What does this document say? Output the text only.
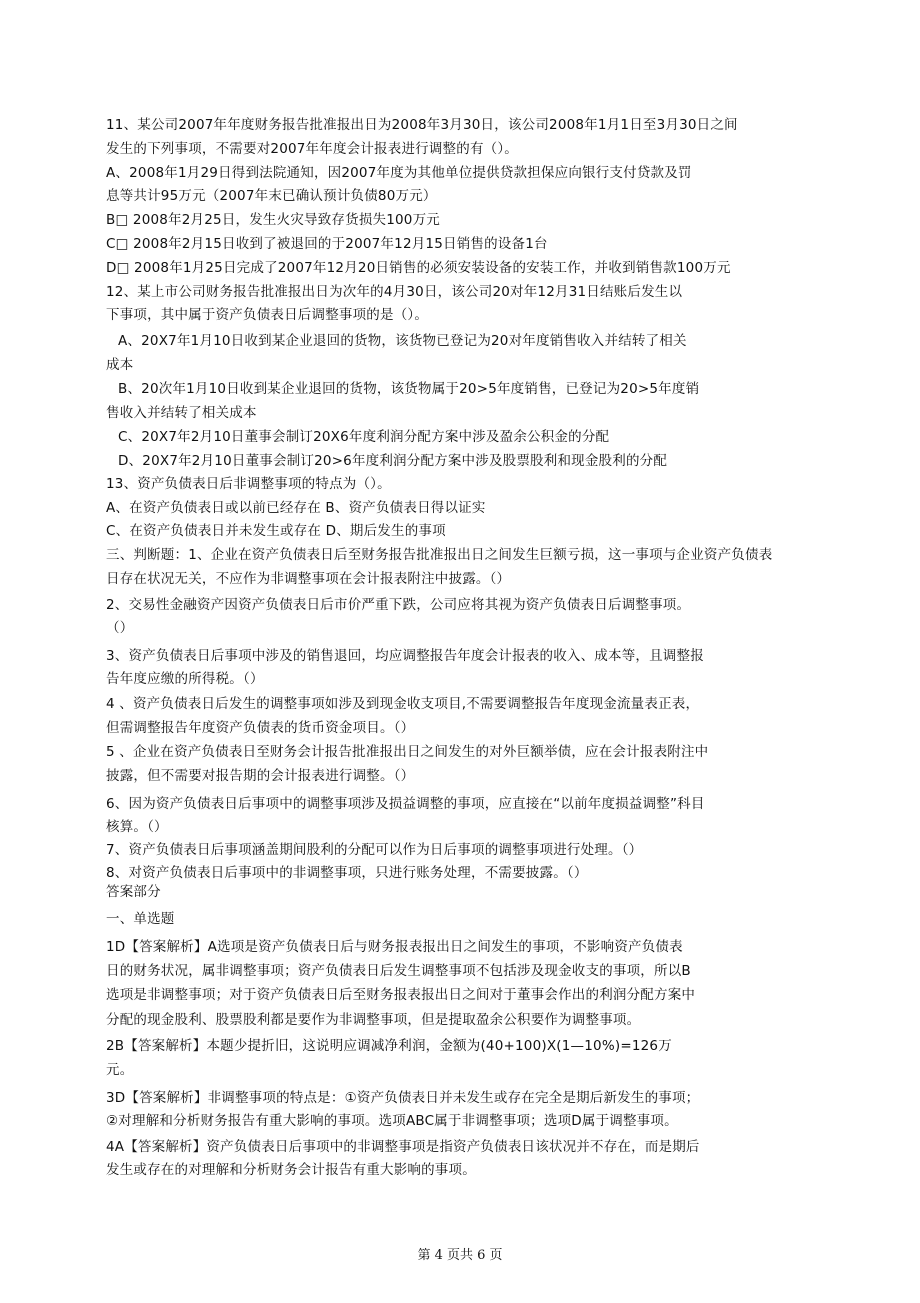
11、某公司2007年年度财务报告批准报出日为2008年3月30日，该公司2008年1月1日至3月30日之间
发生的下列事项，不需要对2007年年度会计报表进行调整的有（）。
A、2008年1月29日得到法院通知，因2007年度为其他单位提供贷款担保应向银行支付贷款及罚
息等共计95万元（2007年末已确认预计负债80万元）
B□ 2008年2月25日，发生火灾导致存货损失100万元
C□ 2008年2月15日收到了被退回的于2007年12月15日销售的设备1台
D□ 2008年1月25日完成了2007年12月20日销售的必须安装设备的安装工作，并收到销售款100万元
12、某上市公司财务报告批准报出日为次年的4月30日，该公司20对年12月31日结账后发生以
下事项，其中属于资产负债表日后调整事项的是（）。
A、20X7年1月10日收到某企业退回的货物，该货物已登记为20对年度销售收入并结转了相关
成本
B、20次年1月10日收到某企业退回的货物，该货物属于20>5年度销售，已登记为20>5年度销
售收入并结转了相关成本
C、20X7年2月10日董事会制订20X6年度利润分配方案中涉及盈余公积金的分配
D、20X7年2月10日董事会制订20>6年度利润分配方案中涉及股票股利和现金股利的分配
13、资产负债表日后非调整事项的特点为（）。
A、在资产负债表日或以前已经存在 B、资产负债表日得以证实
C、在资产负债表日并未发生或存在 D、期后发生的事项
三、判断题：1、企业在资产负债表日后至财务报告批准报出日之间发生巨额亏损，这一事项与企业资产负债表
日存在状况无关，不应作为非调整事项在会计报表附注中披露。（）
2、交易性金融资产因资产负债表日后市价严重下跌，公司应将其视为资产负债表日后调整事项。
（）
3、资产负债表日后事项中涉及的销售退回，均应调整报告年度会计报表的收入、成本等，且调整报
告年度应缴的所得税。（）
4 、资产负债表日后发生的调整事项如涉及到现金收支项目,不需要调整报告年度现金流量表正表，
但需调整报告年度资产负债表的货币资金项目。（）
5 、企业在资产负债表日至财务会计报告批准报出日之间发生的对外巨额举债，应在会计报表附注中
披露，但不需要对报告期的会计报表进行调整。（）
6、因为资产负债表日后事项中的调整事项涉及损益调整的事项，应直接在“以前年度损益调整”科目
核算。（）
7、资产负债表日后事项涵盖期间股利的分配可以作为日后事项的调整事项进行处理。（）
8、对资产负债表日后事项中的非调整事项，只进行账务处理，不需要披露。（）
答案部分
一、单选题
1D【答案解析】A选项是资产负债表日后与财务报表报出日之间发生的事项，不影响资产负债表
日的财务状况，属非调整事项；资产负债表日后发生调整事项不包括涉及现金收支的事项，所以B
选项是非调整事项；对于资产负债表日后至财务报表报出日之间对于董事会作出的利润分配方案中
分配的现金股利、股票股利都是要作为非调整事项，但是提取盈余公积要作为调整事项。
2B【答案解析】本题少提折旧，这说明应调减净利润，金额为(40+100)X(1—10%)=126万
元。
3D【答案解析】非调整事项的特点是：①资产负债表日并未发生或存在完全是期后新发生的事项；
②对理解和分析财务报告有重大影响的事项。选项ABC属于非调整事项；选项D属于调整事项。
4A【答案解析】资产负债表日后事项中的非调整事项是指资产负债表日该状况并不存在，而是期后
发生或存在的对理解和分析财务会计报告有重大影响的事项。
第 4 页共 6 页
